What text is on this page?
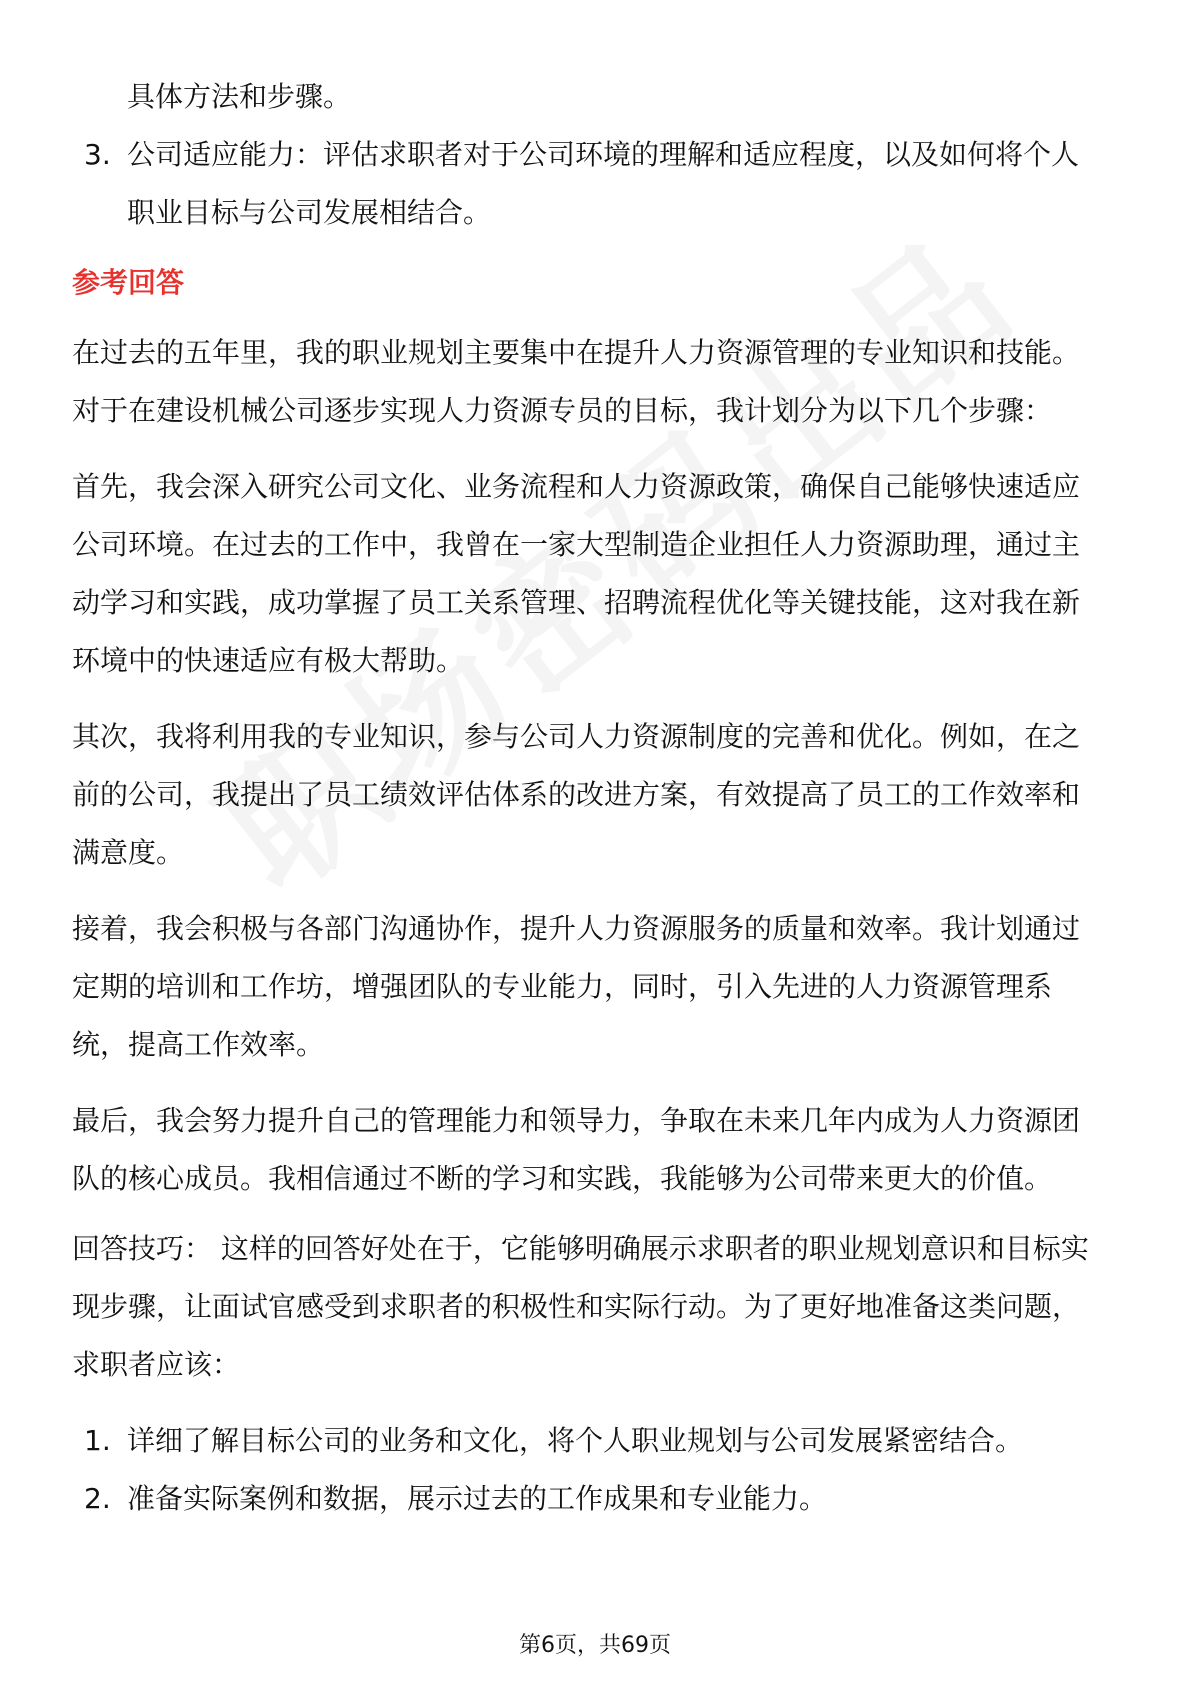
具体方法和步骤。

3. 公司适应能力：评估求职者对于公司环境的理解和适应程度，以及如何将个人

职业目标与公司发展相结合。

参考回答

在过去的五年里，我的职业规划主要集中在提升人力资源管理的专业知识和技能。

对于在建设机械公司逐步实现人力资源专员的目标，我计划分为以下几个步骤：

首先，我会深入研究公司文化、业务流程和人力资源政策，确保自己能够快速适应

公司环境。在过去的工作中，我曾在一家大型制造企业担任人力资源助理，通过主

动学习和实践，成功掌握了员工关系管理、招聘流程优化等关键技能，这对我在新

环境中的快速适应有极大帮助。

其次，我将利用我的专业知识，参与公司人力资源制度的完善和优化。例如，在之

前的公司，我提出了员工绩效评估体系的改进方案，有效提高了员工的工作效率和

满意度。

接着，我会积极与各部门沟通协作，提升人力资源服务的质量和效率。我计划通过

定期的培训和工作坊，增强团队的专业能力，同时，引入先进的人力资源管理系

统，提高工作效率。

最后，我会努力提升自己的管理能力和领导力，争取在未来几年内成为人力资源团

队的核心成员。我相信通过不断的学习和实践，我能够为公司带来更大的价值。

回答技巧： 这样的回答好处在于，它能够明确展示求职者的职业规划意识和目标实

现步骤，让面试官感受到求职者的积极性和实际行动。为了更好地准备这类问题，

求职者应该：

1. 详细了解目标公司的业务和文化，将个人职业规划与公司发展紧密结合。

2. 准备实际案例和数据，展示过去的工作成果和专业能力。

第6页，共69页
